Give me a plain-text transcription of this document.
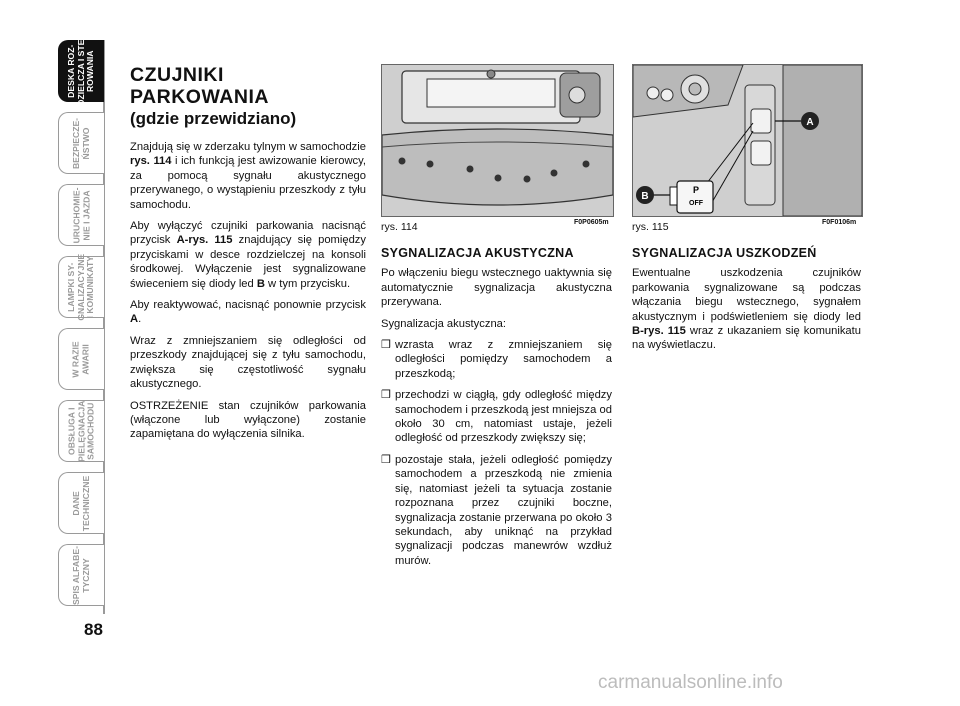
DESKA ROZ-
DZIELCZA I STE-
ROWANIA
BEZPIECZE-
ŃSTWO
URUCHOMIE-
NIE I JAZDA
LAMPKI SY-
GNALIZACYJNE
I KOMUNIKATY
W RAZIE
AWARII
OBSŁUGA I
PIELĘGNACJA
SAMOCHODU
DANE
TECHNICZNE
SPIS ALFABE-
TYCZNY
88
CZUJNIKI
PARKOWANIA
(gdzie przewidziano)

Znajdują się w zderzaku tylnym w samochodzie rys. 114 i ich funkcją jest awizowanie kierowcy, za pomocą sygnału akustycznego przerywanego, o wystąpieniu przeszkody z tyłu samochodu.

Aby wyłączyć czujniki parkowania nacisnąć przycisk A-rys. 115 znajdujący się pomiędzy przyciskami w desce rozdzielczej na konsoli środkowej. Wyłączenie jest sygnalizowane świeceniem się diody led B w tym przycisku.

Aby reaktywować, nacisnąć ponownie przycisk A.

Wraz z zmniejszaniem się odległości od przeszkody znajdującej się z tyłu samochodu, zwiększa się częstotliwość sygnału akustycznego.

OSTRZEŻENIE stan czujników parkowania (włączone lub wyłączone) zostanie zapamiętana do wyłączenia silnika.

rys. 114	F0P0605m
A
P
OFF
B
rys. 115	F0F0106m
SYGNALIZACJA AKUSTYCZNA

Po włączeniu biegu wstecznego uaktywnia się automatycznie sygnalizacja akustyczna przerywana.

Sygnalizacja akustyczna:

❒ wzrasta wraz z zmniejszaniem się odległości pomiędzy samochodem a przeszkodą;
❒ przechodzi w ciągłą, gdy odległość między samochodem i przeszkodą jest mniejsza od około 30 cm, natomiast ustaje, jeżeli odległość od przeszkody zwiększy się;
❒ pozostaje stała, jeżeli odległość pomiędzy samochodem a przeszkodą nie zmienia się, natomiast jeżeli ta sytuacja zostanie rozpoznana przez czujniki boczne, sygnalizacja zostanie przerwana po około 3 sekundach, aby uniknąć na przykład sygnalizacji podczas manewrów wzdłuż murów.
SYGNALIZACJA USZKODZEŃ

Ewentualne uszkodzenia czujników parkowania sygnalizowane są podczas włączania biegu wstecznego, sygnałem akustycznym i podświetleniem się diody led B-rys. 115 wraz z ukazaniem się komunikatu na wyświetlaczu.

carmanualsonline.info
